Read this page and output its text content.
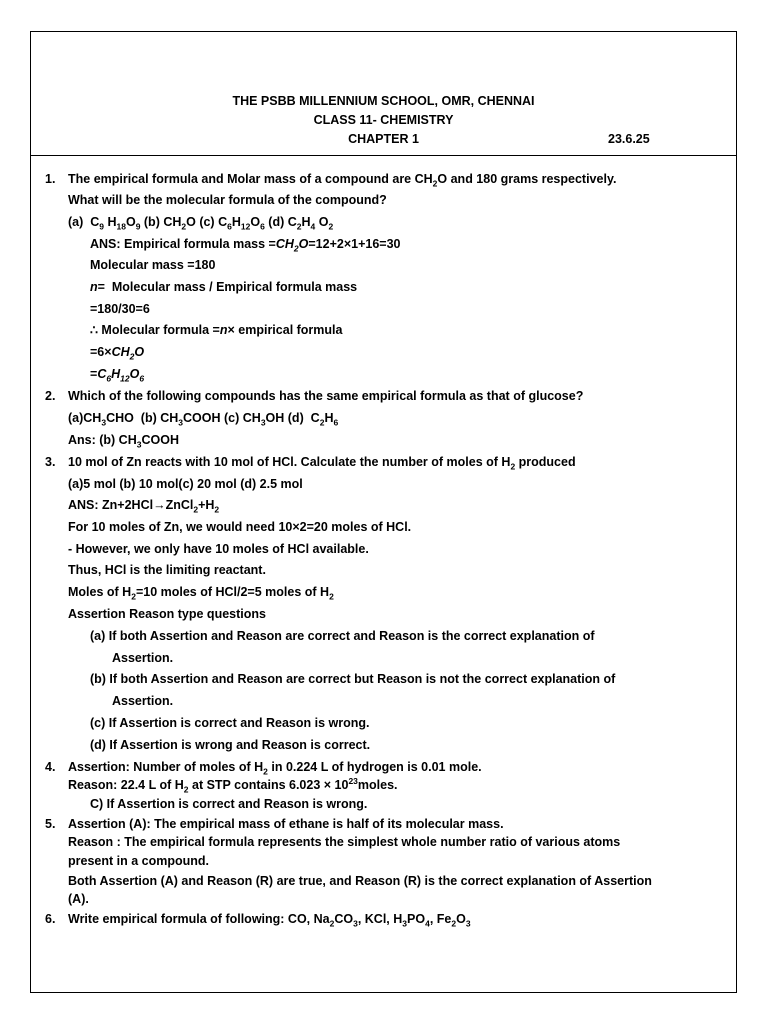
THE PSBB MILLENNIUM SCHOOL, OMR, CHENNAI
CLASS 11- CHEMISTRY
CHAPTER 1	23.6.25
1. The empirical formula and Molar mass of a compound are $CH_2O$ and 180 grams respectively.
What will be the molecular formula of the compound?
(a)  $C_9$ $H_{18}O_9$ (b) $CH_2O$ (c) $C_6H_{12}O_6$ (d) $C_2H_4$ $O_2$
ANS: Empirical formula mass $=CH_2O=12+2\times 1+16=30$
Molecular mass =180
n=  Molecular mass / Empirical formula mass
=180/30=6
∴ Molecular formula =n× empirical formula
$=6\times CH_2O$
$=C_6H_{12}O_6$
2. Which of the following compounds has the same empirical formula as that of glucose?
$(a)CH_3CHO$  (b) $CH_3COOH$ (c) $CH_3OH$ (d)  $C_2H_6$
Ans: (b) $CH_3COOH$
3. 10 mol of Zn reacts with 10 mol of HCl. Calculate the number of moles of $H_2$ produced
(a)5 mol (b) 10 mol(c) 20 mol (d) 2.5 mol
ANS: $Zn+2HCl\to ZnCl_2+H_2$
For 10 moles of Zn, we would need 10×2=20 moles of HCl.
- However, we only have 10 moles of HCl available.
Thus, HCl is the limiting reactant.
Moles of $H_2=10$ moles of HCl/2=5 moles of $H_2$
Assertion Reason type questions
(a) If both Assertion and Reason are correct and Reason is the correct explanation of
Assertion.
(b) If both Assertion and Reason are correct but Reason is not the correct explanation of
Assertion.
(c) If Assertion is correct and Reason is wrong.
(d) If Assertion is wrong and Reason is correct.
4. Assertion: Number of moles of $H_2$ in 0.224 L of hydrogen is 0.01 mole.
Reason: 22.4 L of $H_2$ at STP contains $6.023 \times 10^{23}moles$.
C) If Assertion is correct and Reason is wrong.
5. Assertion (A): The empirical mass of ethane is half of its molecular mass.
Reason : The empirical formula represents the simplest whole number ratio of various atoms
present in a compound.
Both Assertion (A) and Reason (R) are true, and Reason (R) is the correct explanation of Assertion
(A).
6. Write empirical formula of following: CO, $Na_2CO_3$, KCl, $H_3PO_4$, $Fe_2O_3$
